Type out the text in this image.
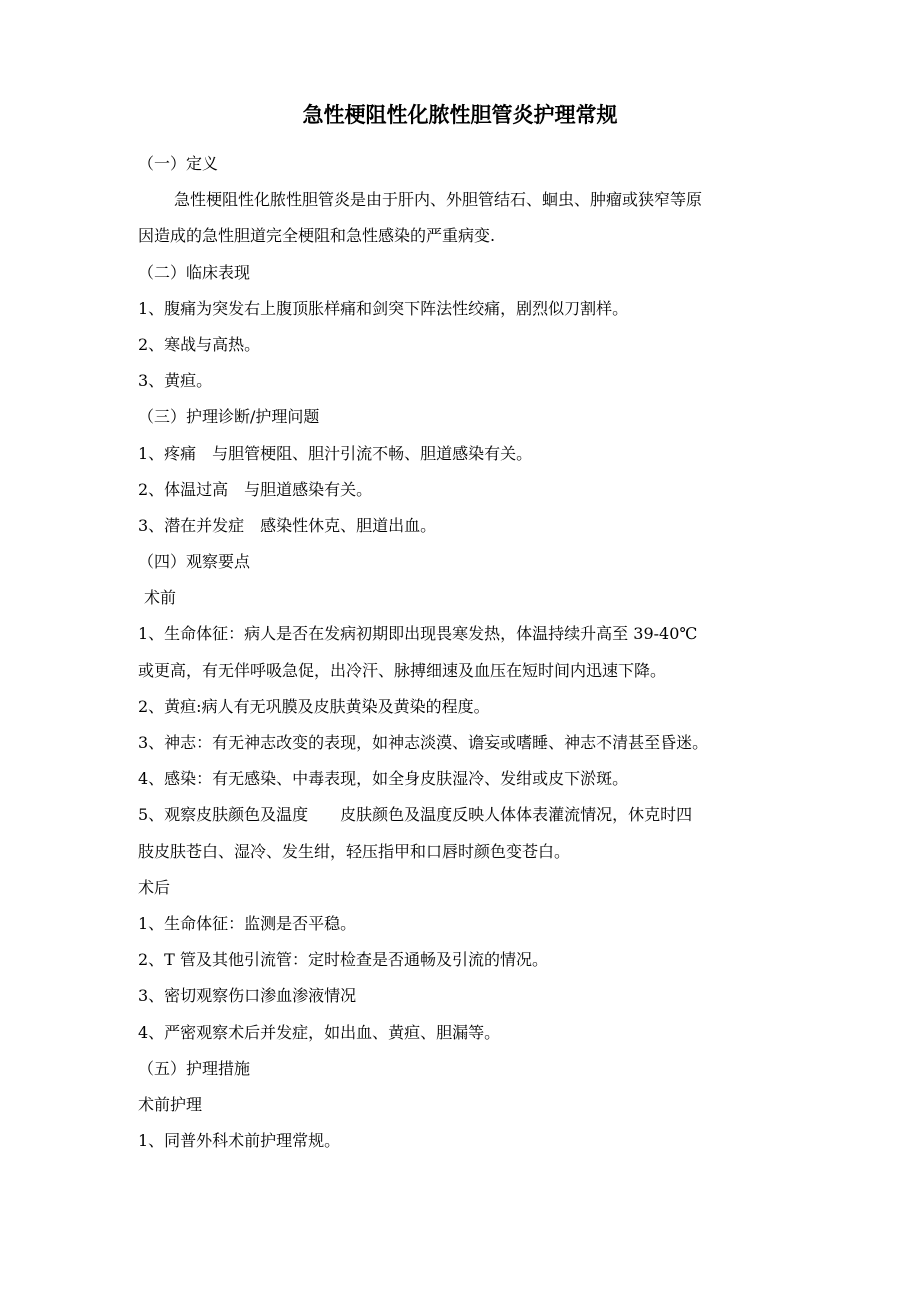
急性梗阻性化脓性胆管炎护理常规

（一）定义

急性梗阻性化脓性胆管炎是由于肝内、外胆管结石、蛔虫、肿瘤或狭窄等原

因造成的急性胆道完全梗阻和急性感染的严重病变.

（二）临床表现

1、腹痛为突发右上腹顶胀样痛和剑突下阵法性绞痛，剧烈似刀割样。

2、寒战与高热。

3、黄疸。

（三）护理诊断/护理问题

1、疼痛　与胆管梗阻、胆汁引流不畅、胆道感染有关。

2、体温过高　与胆道感染有关。

3、潜在并发症　感染性休克、胆道出血。

（四）观察要点

术前

1、生命体征：病人是否在发病初期即出现畏寒发热，体温持续升高至 39-40℃

或更高，有无伴呼吸急促，出冷汗、脉搏细速及血压在短时间内迅速下降。

2、黄疸:病人有无巩膜及皮肤黄染及黄染的程度。

3、神志：有无神志改变的表现，如神志淡漠、谵妄或嗜睡、神志不清甚至昏迷。

4、感染：有无感染、中毒表现，如全身皮肤湿冷、发绀或皮下淤斑。

5、观察皮肤颜色及温度　　皮肤颜色及温度反映人体体表灌流情况，休克时四

肢皮肤苍白、湿冷、发生绀，轻压指甲和口唇时颜色变苍白。

术后

1、生命体征：监测是否平稳。

2、T 管及其他引流管：定时检查是否通畅及引流的情况。

3、密切观察伤口渗血渗液情况

4、严密观察术后并发症，如出血、黄疸、胆漏等。

（五）护理措施

术前护理

1、同普外科术前护理常规。
